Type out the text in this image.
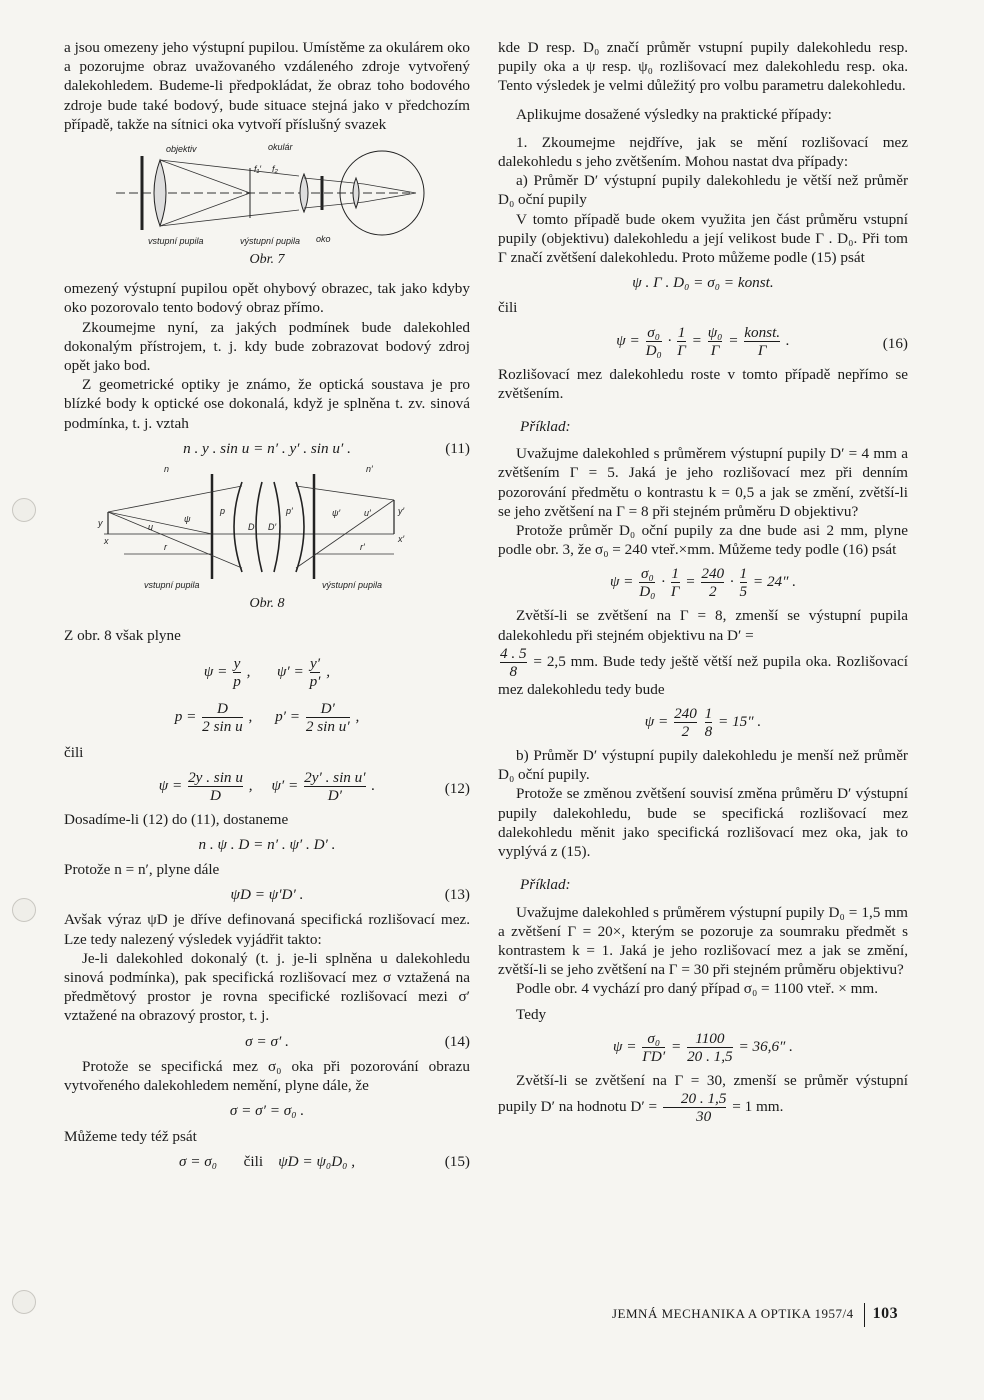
a jsou omezeny jeho výstupní pupilou. Umístěme za okulárem oko a pozorujme obraz uvažovaného vzdáleného zdroje vytvořený dalekohledem. Budeme-li předpokládat, že obraz toho bodového zdroje bude také bodový, bude situace stejná jako v předchozím případě, takže na sítnici oka vytvoří příslušný svazek

objektiv	okulár
f₁′ f₂
vstupní pupila	výstupní pupila oko
Obr. 7

omezený výstupní pupilou opět ohybový obrazec, tak jako kdyby oko pozorovalo tento bodový obraz přímo.

Zkoumejme nyní, za jakých podmínek bude dalekohled dokonalým přístrojem, t. j. kdy bude zobrazovat bodový zdroj opět jako bod.

Z geometrické optiky je známo, že optická soustava je pro blízké body k optické ose dokonalá, když je splněna t. zv. sinová podmínka, t. j. vztah

n . y . sin u = n′ . y′ . sin u′ .	(11)
n	n′
y
y′
u
u′
ψ
ψ′
p	p′
D D′
x	x′
r	r′
vstupní pupila	výstupní pupila
Obr. 8

Z obr. 8 však plyne

$\psi = \frac{y}{p}$ ,       $\psi' = \frac{y'}{p'}$ ,
$p = \frac{D}{\text{2 sin u}}$ ,      $p' = \frac{D'}{\text{2 sin u′}}$ ,

čili

$\psi = \frac{\text{2y . sin u}}{D}$ ,     $\psi' = \frac{\text{2y′ . sin u′}}{D'}$ .	(12)

Dosadíme-li (12) do (11), dostaneme

n . ψ . D = n′ . ψ′ . D′ .

Protože n = n′, plyne dále

ψD = ψ′D′ .	(13)

Avšak výraz ψD je dříve definovaná specifická rozlišovací mez. Lze tedy nalezený výsledek vyjádřit takto:

Je-li dalekohled dokonalý (t. j. je-li splněna u dalekohledu sinová podmínka), pak specifická rozlišovací mez σ vztažená na předmětový prostor je rovna specifické rozlišovací mezi σ′ vztažené na obrazový prostor, t. j.

σ = σ′ .	(14)

Protože se specifická mez σ₀ oka při pozorování obrazu vytvořeného dalekohledem nemění, plyne dále, že

σ = σ′ = σ₀ .

Můžeme tedy též psát

σ = σ₀ čili ψD = ψ₀D₀ ,	(15)

kde D resp. D₀ značí průměr vstupní pupily dalekohledu resp. pupily oka a ψ resp. ψ₀ rozlišovací mez dalekohledu resp. oka. Tento výsledek je velmi důležitý pro volbu parametru dalekohledu.

Aplikujme dosažené výsledky na praktické případy:

1. Zkoumejme nejdříve, jak se mění rozlišovací mez dalekohledu s jeho zvětšením. Mohou nastat dva případy:

a) Průměr D′ výstupní pupily dalekohledu je větší než průměr D₀ oční pupily

V tomto případě bude okem využita jen část průměru vstupní pupily (objektivu) dalekohledu a její velikost bude Γ . D₀. Při tom Γ značí zvětšení dalekohledu. Proto můžeme podle (15) psát

ψ . Γ . D₀ = σ₀ = konst.

čili

$\psi = \frac{\text{σ₀}}{\text{D₀}} \cdot \frac{1}{\Gamma} = \frac{\text{ψ₀}}{\Gamma} = \frac{\text{konst.}}{\Gamma}$ .	(16)

Rozlišovací mez dalekohledu roste v tomto případě nepřímo se zvětšením.

Příklad:

Uvažujme dalekohled s průměrem výstupní pupily D′ = 4 mm a zvětšením Γ = 5. Jaká je jeho rozlišovací mez při denním pozorování předmětu o kontrastu k = 0,5 a jak se změní, zvětší-li se jeho zvětšení na Γ = 8 při stejném průměru D objektivu?

Protože průměr D₀ oční pupily za dne bude asi 2 mm, plyne podle obr. 3, že σ₀ = 240 vteř.×mm. Můžeme tedy podle (16) psát

$\psi = \frac{\text{σ₀}}{\text{D₀}} \cdot \frac{1}{\Gamma} = \frac{240}{2} \cdot \frac{1}{5} = 24''$ .

Zvětší-li se zvětšení na Γ = 8, zmenší se výstupní pupila dalekohledu při stejném objektivu na D′ =

$\frac{4 . 5}{8} = 2,5$ mm. Bude tedy ještě větší než pupila oka. Rozlišovací mez dalekohledu tedy bude

$\psi = \frac{240}{2}$
$\frac{1}{8} = 15''$ .

b) Průměr D′ výstupní pupily dalekohledu je menší než průměr D₀ oční pupily.

Protože se změnou zvětšení souvisí změna průměru D′ výstupní pupily dalekohledu, bude se specifická rozlišovací mez dalekohledu měnit jako specifická rozlišovací mez oka, jak to vyplývá z (15).

Příklad:

Uvažujme dalekohled s průměrem výstupní pupily D₀ = 1,5 mm a zvětšení Γ = 20×, kterým se pozoruje za soumraku předmět s kontrastem k = 1. Jaká je jeho rozlišovací mez a jak se změní, zvětší-li se jeho zvětšení na Γ = 30 při stejném průměru objektivu?

Podle obr. 4 vychází pro daný případ σ₀ = 1100 vteř. × mm.

Tedy

$\psi = \frac{\text{σ₀}}{\Gamma D'} = \frac{1100}{20 . 1,5} = 36,6''$ .

Zvětší-li se zvětšení na Γ = 30, zmenší se průměr výstupní pupily D′ na hodnotu $D' = \frac{20 . 1,5}{30} = 1$ mm.

JEMNÁ MECHANIKA A OPTIKA 1957/4 103
